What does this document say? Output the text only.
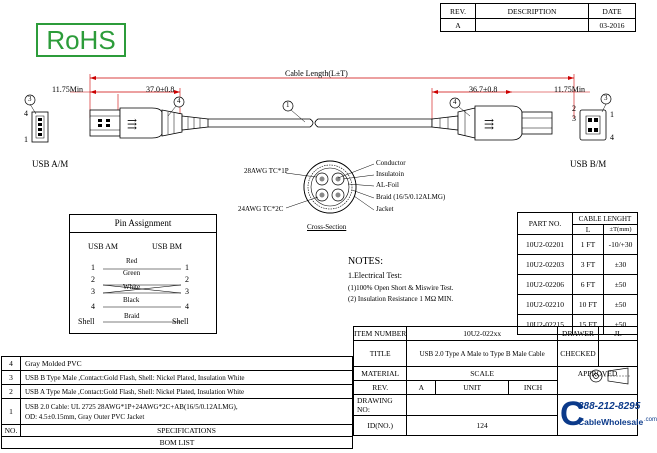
RoHS
REV.	DESCRIPTION	DATE
A		03-2016
⇶	⇶
Cable Length(L±T)
11.75Min	37.0±0.8	36.7±0.8	11.75Min
1
4	4
3	3
4
1
USB A/M
2
3	1
4
USB B/M
28AWG TC*1P
24AWG TC*2C
Conductor
Insulatoin
AL-Foil
Braid (16/5/0.12ALMG)
Jacket
Cross-Section
Pin Assignment
USB AM	USB BM
Red
Green
White
Black
Braid
1
2
3
4
Shell
1
2
3
4
Shell
NOTES:
1.Electrical Test:
(1)100% Open Short & Miswire Test.
(2) Insulation Resistance 1 MΩ MIN.
PART NO.	CABLE LENGHT	
	L	±T(mm)
10U2-02201	1 FT	-10/+30
10U2-02203	3 FT	±30
10U2-02206	6 FT	±50
10U2-02210	10 FT	±50
10U2-02215	15 FT	±50
4	Gray Molded PVC
3	USB B Type Male ,Contact:Gold Flash, Shell: Nickel Plated, Insulation White
2	USB A Type Male ,Contact:Gold Flash, Shell: Nickel Plated, Insulation White
1	USB 2.0 Cable: UL 2725 28AWG*1P+24AWG*2C+AB(16/5/0.12ALMG),
OD: 4.5±0.15mm, Gray Outer PVC Jacket

NO.	SPECIFICATIONS
BOM LIST	
ITEM NUMBER	10U2-022xx			DRAWER	JL
TITLE	USB 2.0 Type A Male to Type B Male Cable			CHECKED	
MATERIAL	SCALE			APPROVED	

REV.	A	UNIT	INCH		
DRAWING NO:				C
888-212-8295
CableWholesale .com	

ID(NO.)	124				
